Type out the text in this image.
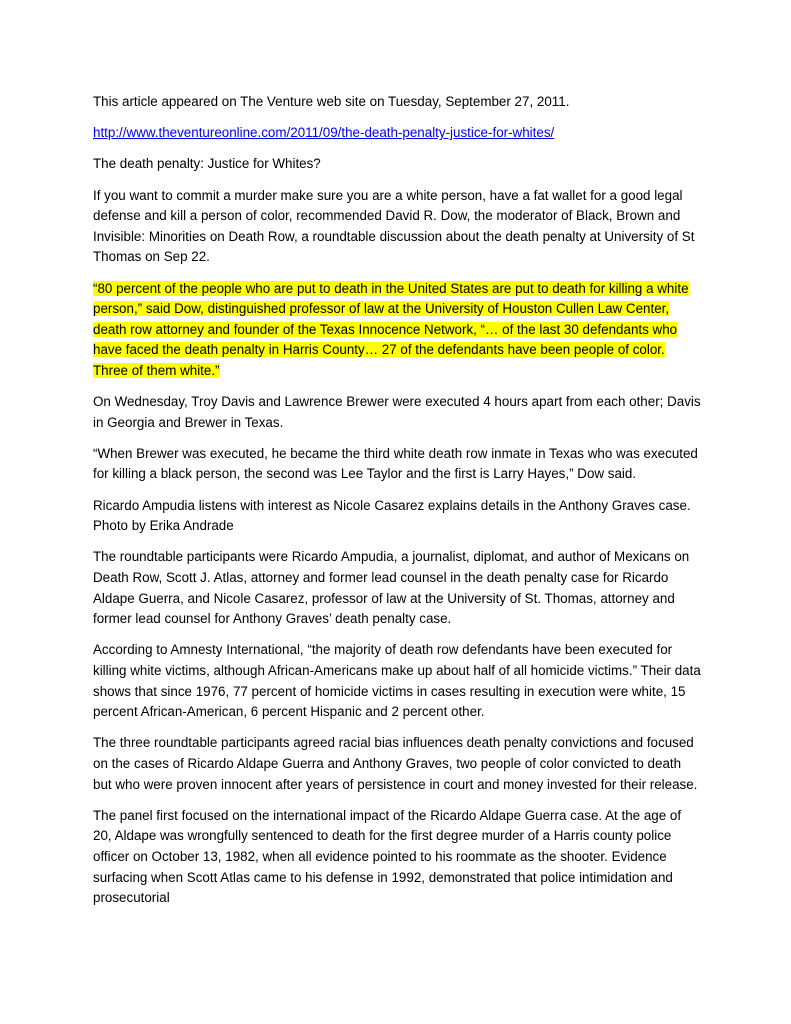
This article appeared on The Venture web site on Tuesday, September 27, 2011.

http://www.theventureonline.com/2011/09/the-death-penalty-justice-for-whites/

The death penalty: Justice for Whites?

If you want to commit a murder make sure you are a white person, have a fat wallet for a good legal defense and kill a person of color, recommended David R. Dow, the moderator of Black, Brown and Invisible: Minorities on Death Row, a roundtable discussion about the death penalty at University of St Thomas on Sep 22.

“80 percent of the people who are put to death in the United States are put to death for killing a white person,” said Dow, distinguished professor of law at the University of Houston Cullen Law Center, death row attorney and founder of the Texas Innocence Network, “… of the last 30 defendants who have faced the death penalty in Harris County… 27 of the defendants have been people of color. Three of them white.”

On Wednesday, Troy Davis and Lawrence Brewer were executed 4 hours apart from each other; Davis in Georgia and Brewer in Texas.

“When Brewer was executed, he became the third white death row inmate in Texas who was executed for killing a black person, the second was Lee Taylor and the first is Larry Hayes,” Dow said.

Ricardo Ampudia listens with interest as Nicole Casarez explains details in the Anthony Graves case. Photo by Erika Andrade

The roundtable participants were Ricardo Ampudia, a journalist, diplomat, and author of Mexicans on Death Row, Scott J. Atlas, attorney and former lead counsel in the death penalty case for Ricardo Aldape Guerra, and Nicole Casarez, professor of law at the University of St. Thomas, attorney and former lead counsel for Anthony Graves’ death penalty case.

According to Amnesty International, “the majority of death row defendants have been executed for killing white victims, although African-Americans make up about half of all homicide victims.” Their data shows that since 1976, 77 percent of homicide victims in cases resulting in execution were white, 15 percent African-American, 6 percent Hispanic and 2 percent other.

The three roundtable participants agreed racial bias influences death penalty convictions and focused on the cases of Ricardo Aldape Guerra and Anthony Graves, two people of color convicted to death but who were proven innocent after years of persistence in court and money invested for their release.

The panel first focused on the international impact of the Ricardo Aldape Guerra case. At the age of 20, Aldape was wrongfully sentenced to death for the first degree murder of a Harris county police officer on October 13, 1982, when all evidence pointed to his roommate as the shooter. Evidence surfacing when Scott Atlas came to his defense in 1992, demonstrated that police intimidation and prosecutorial
